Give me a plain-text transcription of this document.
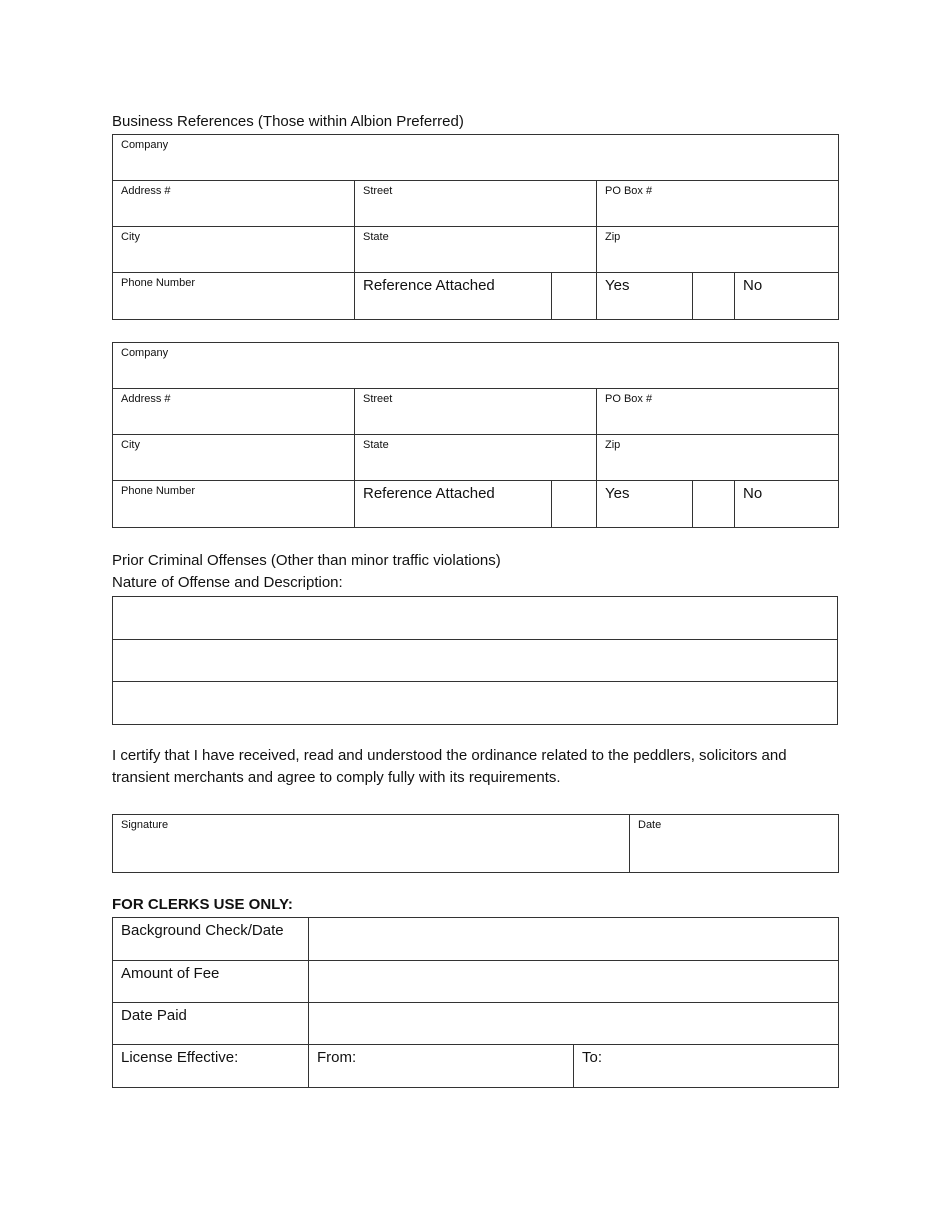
Business References (Those within Albion Preferred)
Company					
Address #	Street		PO Box #		
City	State		Zip		
Phone Number	Reference Attached		Yes		No
Company					
Address #	Street		PO Box #		
City	State		Zip		
Phone Number	Reference Attached		Yes		No
Prior Criminal Offenses (Other than minor traffic violations)
Nature of Offense and Description:

I certify that I have received, read and understood the ordinance related to the peddlers, solicitors and transient merchants and agree to comply fully with its requirements.
Signature	Date
FOR CLERKS USE ONLY:
Background Check/Date		
Amount of Fee		
Date Paid		
License Effective:	From:	To:
